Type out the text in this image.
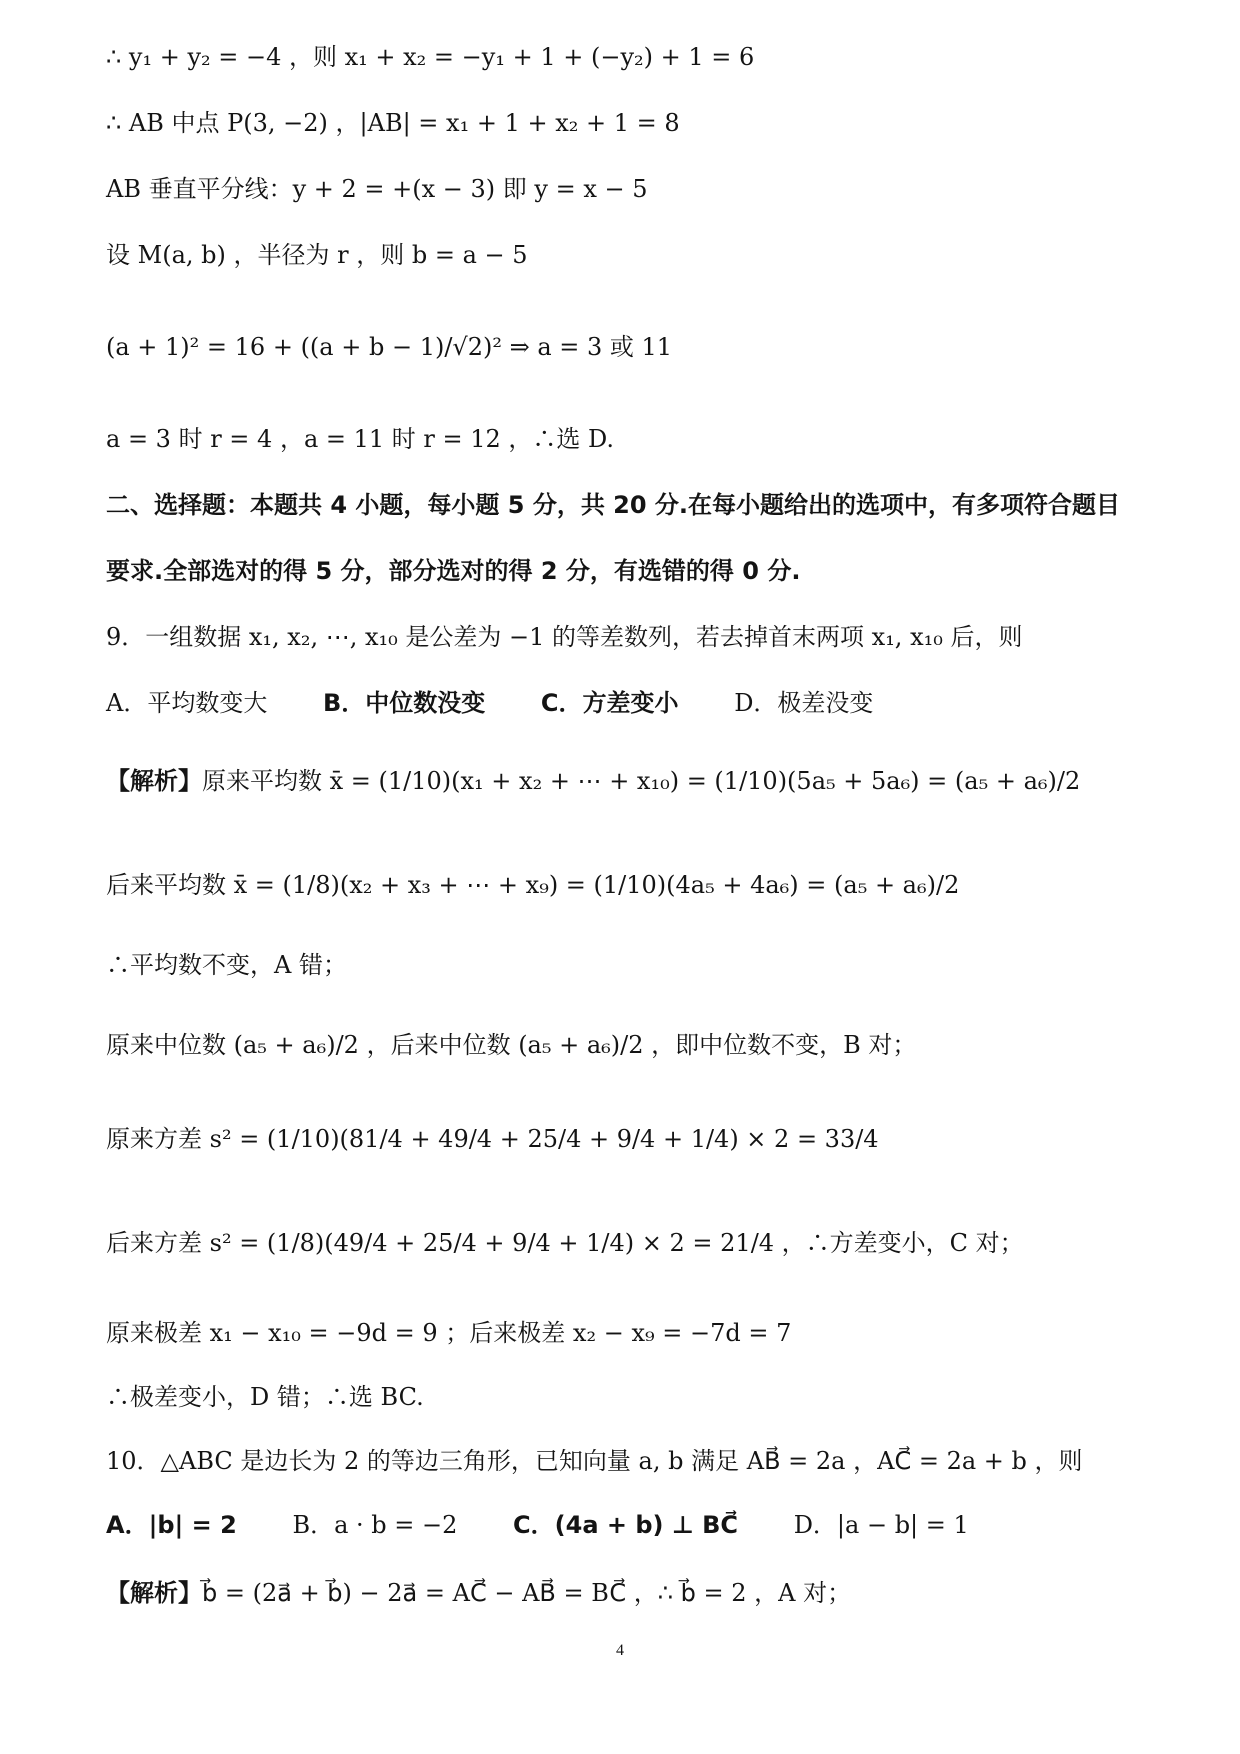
∴ y₁ + y₂ = −4 ，则 x₁ + x₂ = −y₁ + 1 + (−y₂) + 1 = 6
∴ AB 中点 P(3, −2) ，|AB| = x₁ + 1 + x₂ + 1 = 8
AB 垂直平分线：y + 2 = +(x − 3) 即 y = x − 5
设 M(a, b) ，半径为 r ，则 b = a − 5
(a + 1)² = 16 + ((a + b − 1)/√2)² ⇒ a = 3 或 11
a = 3 时 r = 4 ，a = 11 时 r = 12 ，∴选 D.
二、选择题：本题共 4 小题，每小题 5 分，共 20 分.在每小题给出的选项中，有多项符合题目
要求.全部选对的得 5 分，部分选对的得 2 分，有选错的得 0 分.
9．一组数据 x₁, x₂, ⋯, x₁₀ 是公差为 −1 的等差数列，若去掉首末两项 x₁, x₁₀ 后，则
A．平均数变大 B．中位数没变 C．方差变小 D．极差没变
【解析】原来平均数 x̄ = (1/10)(x₁ + x₂ + ⋯ + x₁₀) = (1/10)(5a₅ + 5a₆) = (a₅ + a₆)/2
后来平均数 x̄ = (1/8)(x₂ + x₃ + ⋯ + x₉) = (1/10)(4a₅ + 4a₆) = (a₅ + a₆)/2
∴平均数不变，A 错；
原来中位数 (a₅ + a₆)/2 ，后来中位数 (a₅ + a₆)/2 ，即中位数不变，B 对；
原来方差 s² = (1/10)(81/4 + 49/4 + 25/4 + 9/4 + 1/4) × 2 = 33/4
后来方差 s² = (1/8)(49/4 + 25/4 + 9/4 + 1/4) × 2 = 21/4 ，∴方差变小，C 对；
原来极差 x₁ − x₁₀ = −9d = 9 ；后来极差 x₂ − x₉ = −7d = 7
∴极差变小，D 错；∴选 BC.
10．△ABC 是边长为 2 的等边三角形，已知向量 a, b 满足 AB⃗ = 2a ，AC⃗ = 2a + b ，则
A．|b| = 2 B．a · b = −2 C．(4a + b) ⊥ BC⃗ D．|a − b| = 1
【解析】b⃗ = (2a⃗ + b⃗) − 2a⃗ = AC⃗ − AB⃗ = BC⃗ ，∴ b⃗ = 2 ，A 对；
4
